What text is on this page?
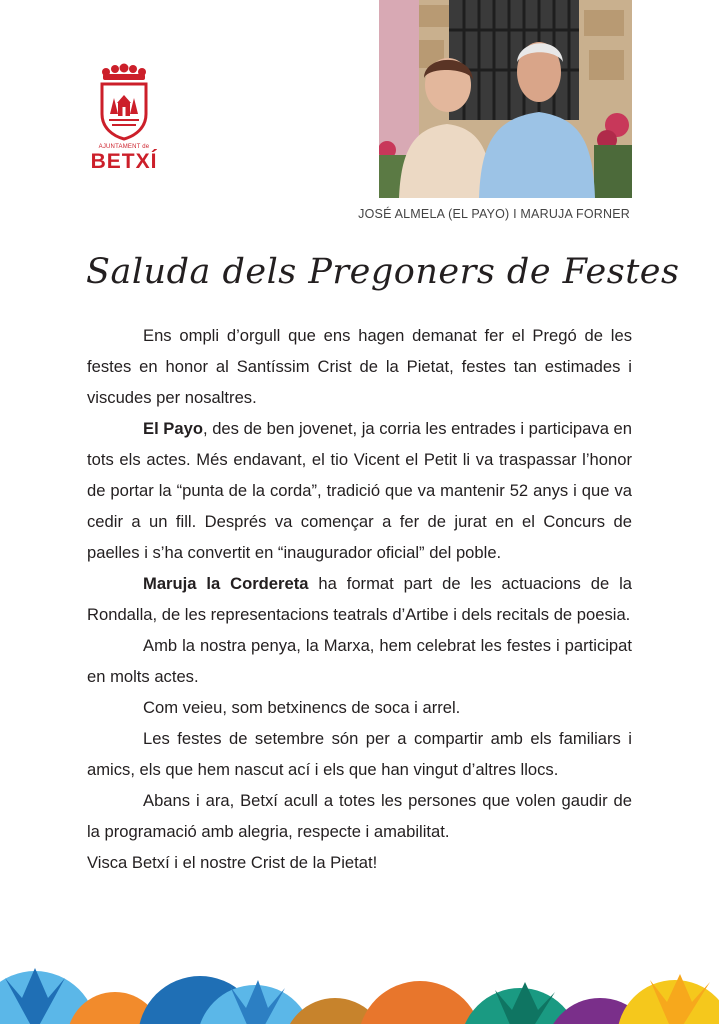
AJUNTAMENT de
BETXÍ
JOSÉ ALMELA (EL PAYO) I MARUJA FORNER
Saluda dels Pregoners de Festes

Ens ompli d’orgull que ens hagen demanat fer el Pregó de les festes en honor al Santíssim Crist de la Pietat, festes tan estimades i viscudes per nosaltres.

El Payo, des de ben jovenet, ja corria les entrades i participava en tots els actes. Més endavant, el tio Vicent el Petit li va traspassar l’honor de portar la “punta de la corda”, tradició que va mantenir 52 anys i que va cedir a un fill. Després va començar a fer de jurat en el Concurs de paelles i s’ha convertit en “inaugurador oficial” del poble.

Maruja la Cordereta ha format part de les actuacions de la Rondalla, de les representacions teatrals d’Artibe i dels recitals de poesia.

Amb la nostra penya, la Marxa, hem celebrat les festes i participat en molts actes.

Com veieu, som betxinencs de soca i arrel.

Les festes de setembre són per a compartir amb els familiars i amics, els que hem nascut ací i els que han vingut d’altres llocs.

Abans i ara, Betxí acull a totes les persones que volen gaudir de la programació amb alegria, respecte i amabilitat.

Visca Betxí i el nostre Crist de la Pietat!
